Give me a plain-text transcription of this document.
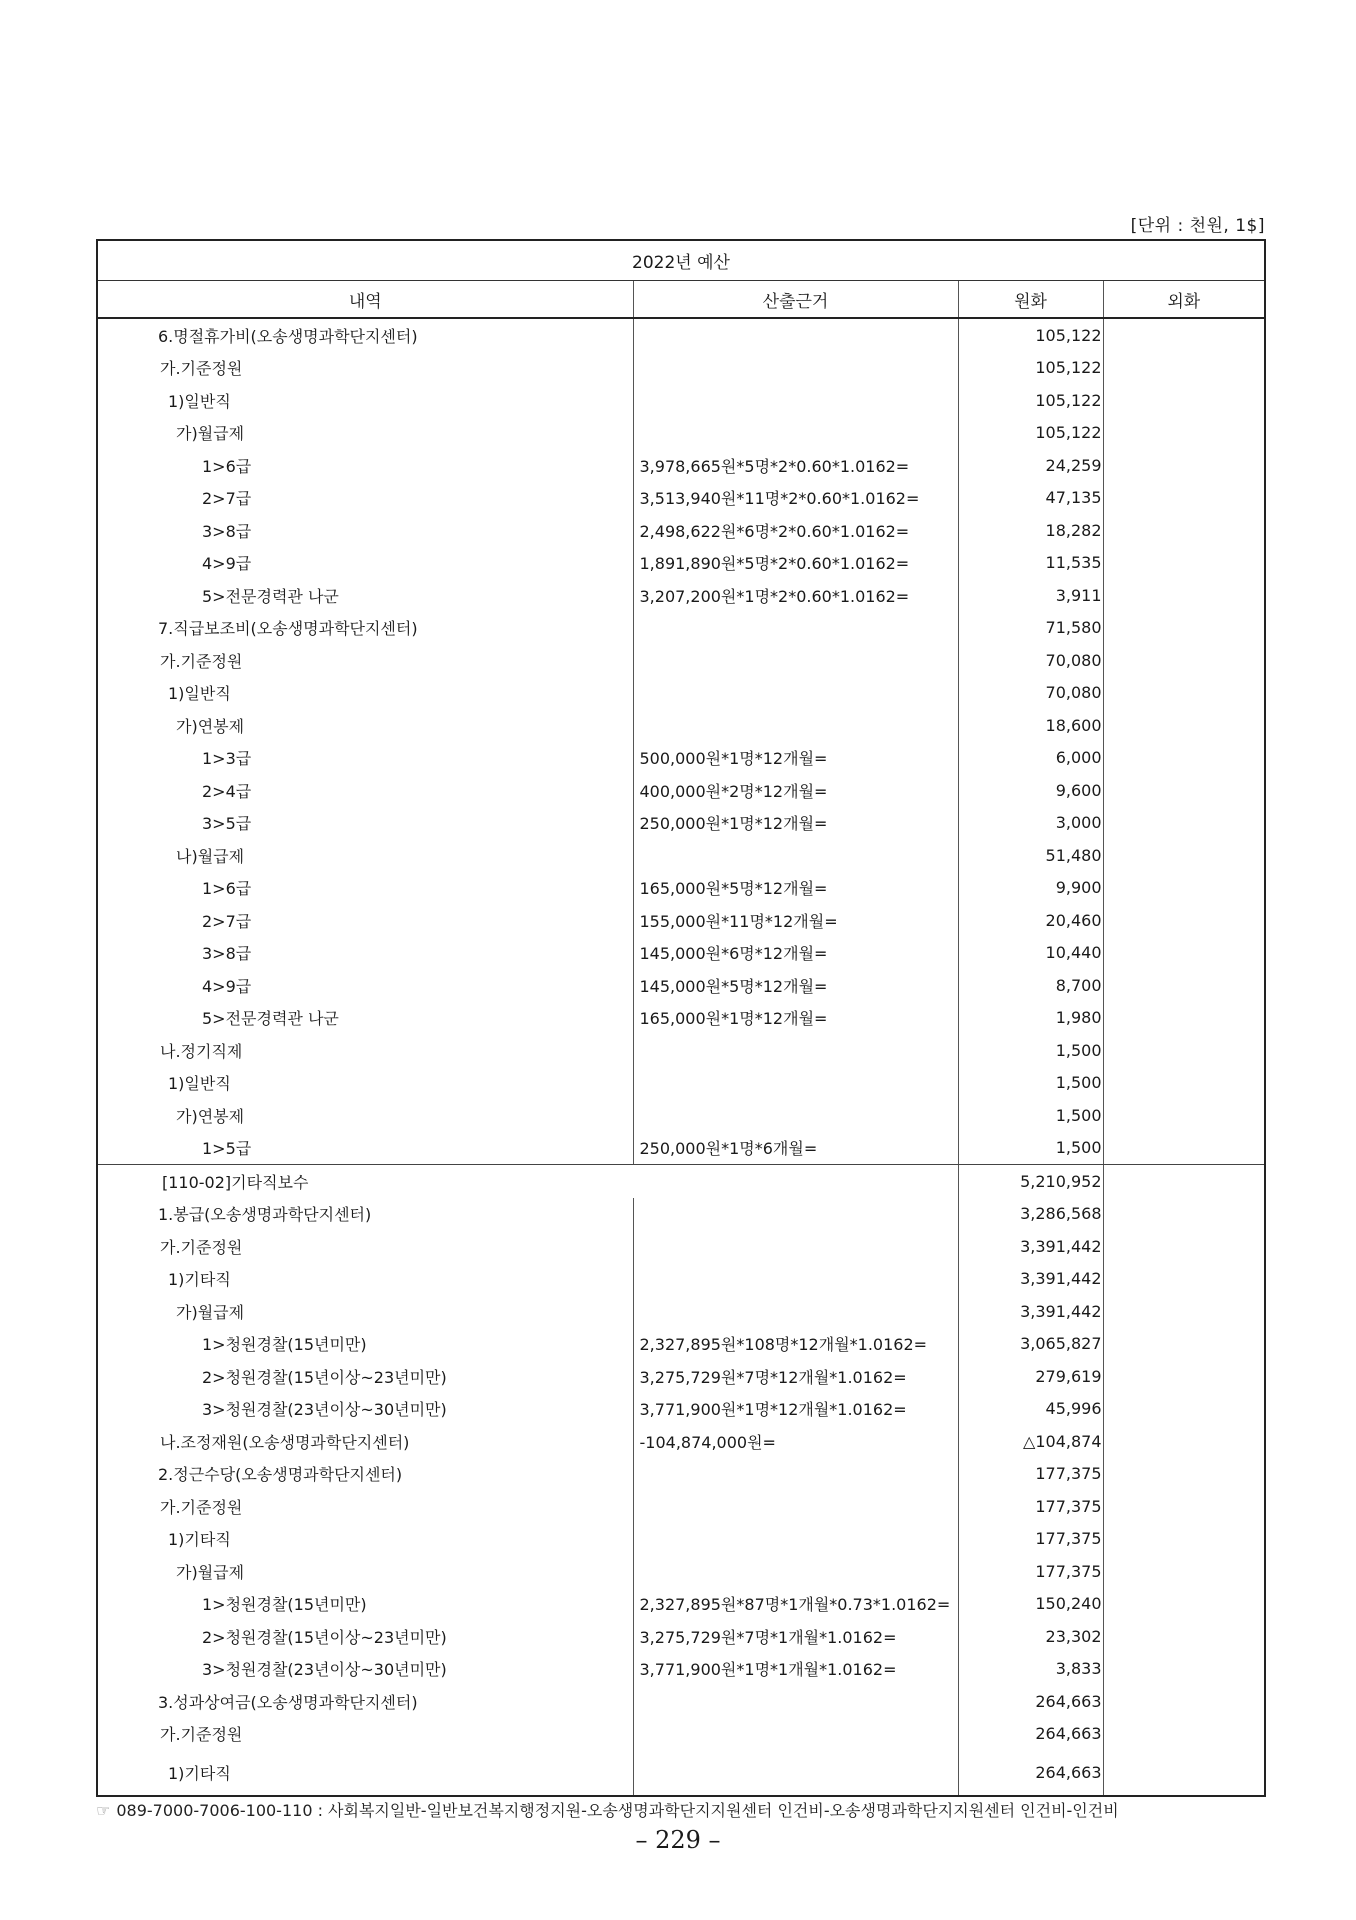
[단위 : 천원, 1$]
2022년 예산			
내역	산출근거	원화	외화
6.명절휴가비(오송생명과학단지센터)		105,122	
가.기준정원		105,122	
1)일반직		105,122	
가)월급제		105,122	
1>6급	3,978,665원*5명*2*0.60*1.0162=	24,259	
2>7급	3,513,940원*11명*2*0.60*1.0162=	47,135	
3>8급	2,498,622원*6명*2*0.60*1.0162=	18,282	
4>9급	1,891,890원*5명*2*0.60*1.0162=	11,535	
5>전문경력관 나군	3,207,200원*1명*2*0.60*1.0162=	3,911	
7.직급보조비(오송생명과학단지센터)		71,580	
가.기준정원		70,080	
1)일반직		70,080	
가)연봉제		18,600	
1>3급	500,000원*1명*12개월=	6,000	
2>4급	400,000원*2명*12개월=	9,600	
3>5급	250,000원*1명*12개월=	3,000	
나)월급제		51,480	
1>6급	165,000원*5명*12개월=	9,900	
2>7급	155,000원*11명*12개월=	20,460	
3>8급	145,000원*6명*12개월=	10,440	
4>9급	145,000원*5명*12개월=	8,700	
5>전문경력관 나군	165,000원*1명*12개월=	1,980	
나.정기직제		1,500	
1)일반직		1,500	
가)연봉제		1,500	
1>5급	250,000원*1명*6개월=	1,500	
[110-02]기타직보수		5,210,952	
1.봉급(오송생명과학단지센터)		3,286,568	
가.기준정원		3,391,442	
1)기타직		3,391,442	
가)월급제		3,391,442	
1>청원경찰(15년미만)	2,327,895원*108명*12개월*1.0162=	3,065,827	
2>청원경찰(15년이상~23년미만)	3,275,729원*7명*12개월*1.0162=	279,619	
3>청원경찰(23년이상~30년미만)	3,771,900원*1명*12개월*1.0162=	45,996	
나.조정재원(오송생명과학단지센터)	-104,874,000원=	△104,874	
2.정근수당(오송생명과학단지센터)		177,375	
가.기준정원		177,375	
1)기타직		177,375	
가)월급제		177,375	
1>청원경찰(15년미만)	2,327,895원*87명*1개월*0.73*1.0162=	150,240	
2>청원경찰(15년이상~23년미만)	3,275,729원*7명*1개월*1.0162=	23,302	
3>청원경찰(23년이상~30년미만)	3,771,900원*1명*1개월*1.0162=	3,833	
3.성과상여금(오송생명과학단지센터)		264,663	
가.기준정원		264,663	
1)기타직		264,663	
☞ 089-7000-7006-100-110 : 사회복지일반-일반보건복지행정지원-오송생명과학단지지원센터 인건비-오송생명과학단지지원센터 인건비-인건비
– 229 –
